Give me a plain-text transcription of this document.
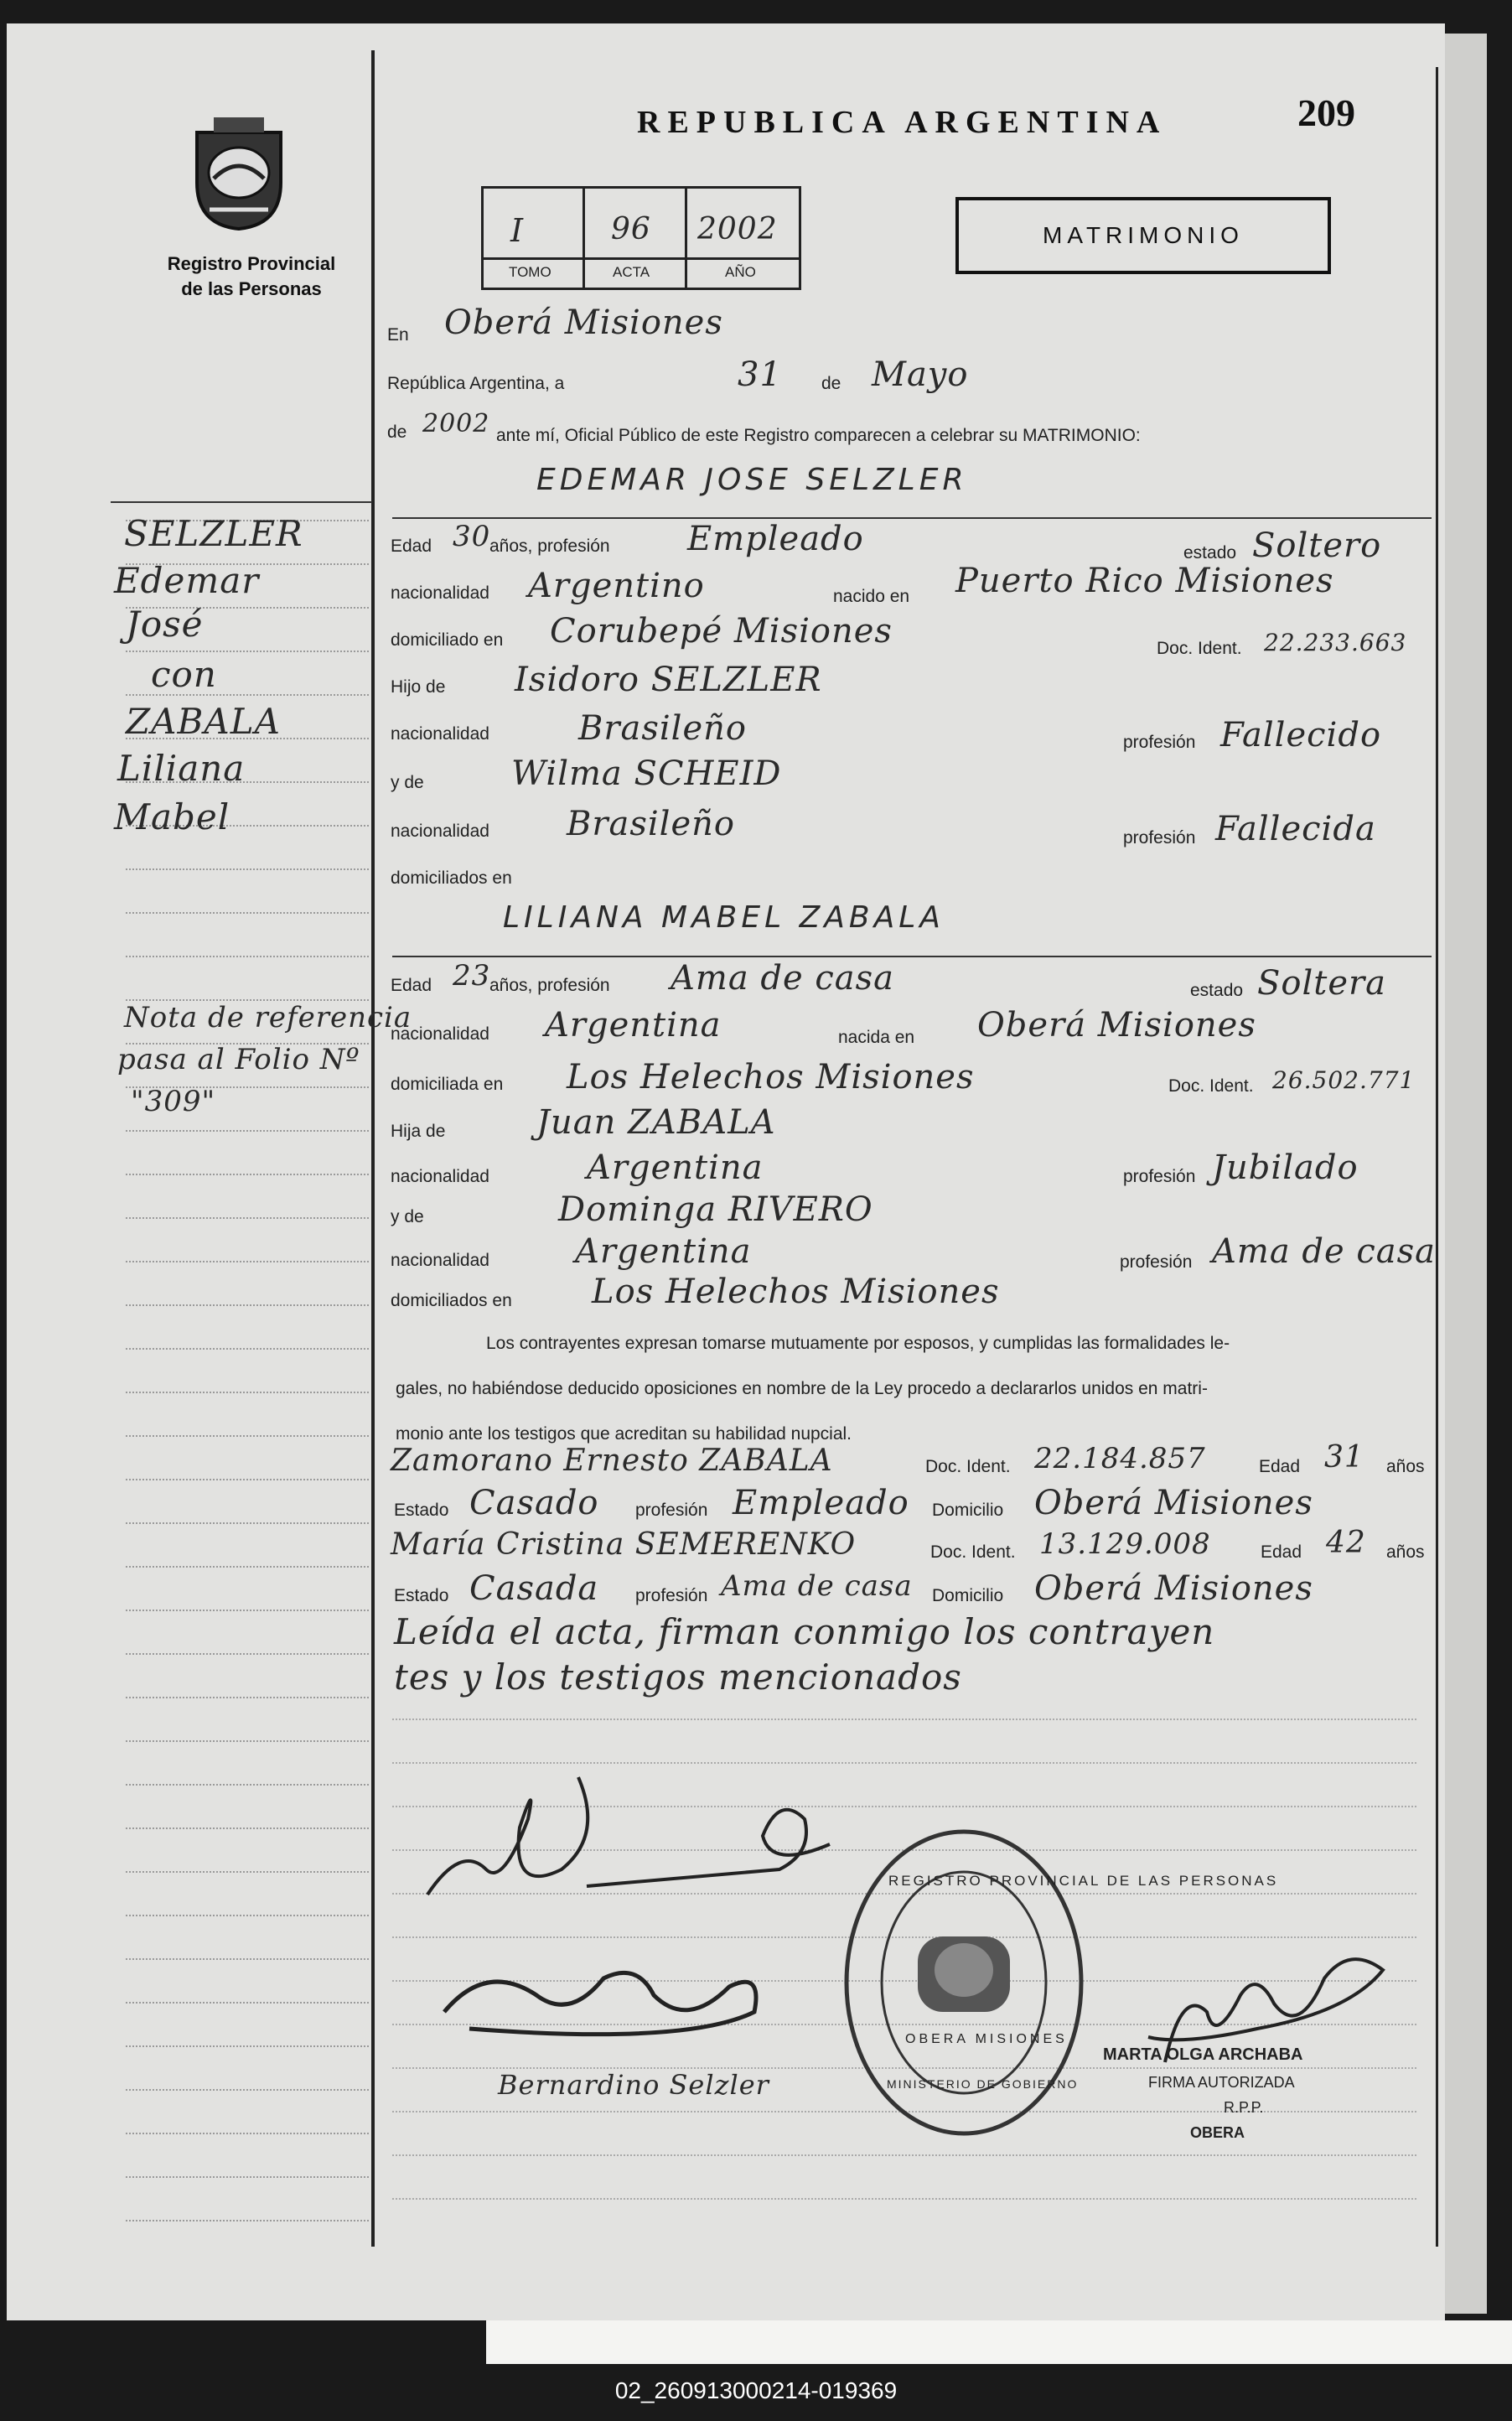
02_260913000214-019369
Registro Provincial
de las Personas
REPUBLICA ARGENTINA	209
I	96 2002
TOMO	ACTA	AÑO
MATRIMONIO
En Oberá Misiones
República Argentina, a	31 de Mayo
de 2002 ante mí, Oficial Público de este Registro comparecen a celebrar su MATRIMONIO:
EDEMAR JOSE SELZLER
Edad 30
años, profesión Empleado	estado Soltero
nacionalidad Argentino	nacido en Puerto Rico Misiones
domiciliado en Corubepé Misiones	Doc. Ident. 22.233.663
Hijo de Isidoro SELZLER
nacionalidad	Brasileño	profesión Fallecido
y de	Wilma SCHEID
nacionalidad Brasileño	profesión Fallecida
domiciliados en
LILIANA MABEL ZABALA
Edad 23
años, profesión Ama de casa	estado Soltera
nacionalidad Argentina	nacida en Oberá Misiones
domiciliada en Los Helechos Misiones	Doc. Ident. 26.502.771
Hija de	Juan ZABALA
nacionalidad	Argentina	profesión Jubilado
y de	Dominga RIVERO
nacionalidad	Argentina	profesión Ama de casa
domiciliados en Los Helechos Misiones
Los contrayentes expresan tomarse mutuamente por esposos, y cumplidas las formalidades le-
gales, no habiéndose deducido oposiciones en nombre de la Ley procedo a declararlos unidos en matri-
monio ante los testigos que acreditan su habilidad nupcial.
Zamorano Ernesto ZABALA	Doc. Ident. 22.184.857	Edad 31 años
Estado Casado profesión Empleado Domicilio Oberá Misiones
María Cristina SEMERENKO	Doc. Ident. 13.129.008	Edad 42 años
Estado Casada profesión Ama de casa Domicilio Oberá Misiones
Leída el acta, firman conmigo los contrayen
tes y los testigos mencionados
SELZLER
Edemar
José
con
ZABALA
Liliana
Mabel
Nota de referencia
pasa al Folio Nº
"309"
Bernardino Selzler
REGISTRO PROVINCIAL DE LAS PERSONAS
OBERA MISIONES
MINISTERIO DE GOBIERNO
MARTA OLGA ARCHABA
FIRMA AUTORIZADA
R.P.P.
OBERA
